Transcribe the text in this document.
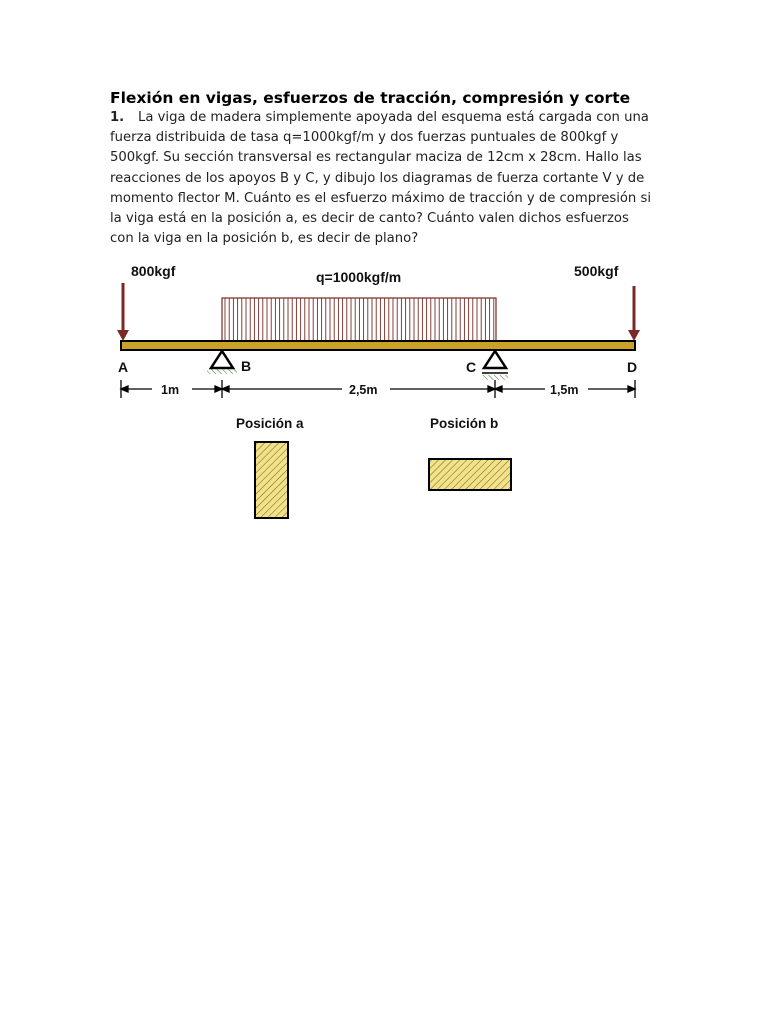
Flexión en vigas, esfuerzos de tracción, compresión y corte
1. La viga de madera simplemente apoyada del esquema está cargada con una fuerza distribuida de tasa q=1000kgf/m y dos fuerzas puntuales de 800kgf y 500kgf. Su sección transversal es rectangular maciza de 12cm x 28cm. Hallo las reacciones de los apoyos B y C, y dibujo los diagramas de fuerza cortante V y de momento flector M. Cuánto es el esfuerzo máximo de tracción y de compresión si la viga está en la posición a, es decir de canto? Cuánto valen dichos esfuerzos con la viga en la posición b, es decir de plano?
800kgf	500kgf
q=1000kgf/m
A	B	C	D
1m	2,5m	1,5m
Posición a	Posición b
